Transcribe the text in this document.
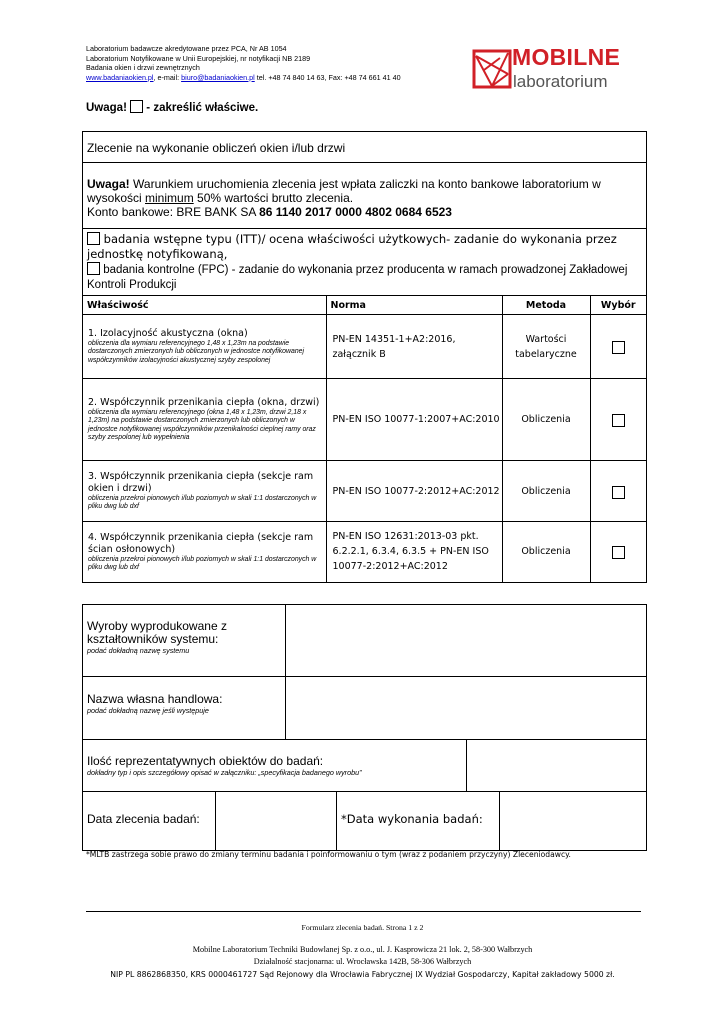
Laboratorium badawcze akredytowane przez PCA, Nr AB 1054
Laboratorium Notyfikowane w Unii Europejskiej, nr notyfikacji NB 2189
Badania okien i drzwi zewnętrznych
www.badaniaokien.pl, e-mail: biuro@badaniaokien.pl tel. +48 74 840 14 63, Fax: +48 74 661 41 40
MOBILNE
laboratorium
Uwaga!  - zakreślić właściwe.
Zlecenie na wykonanie obliczeń okien i/lub drzwi
Uwaga! Warunkiem uruchomienia zlecenia jest wpłata zaliczki na konto bankowe laboratorium w wysokości minimum 50% wartości brutto zlecenia.
Konto bankowe: BRE BANK SA 86 1140 2017 0000 4802 0684 6523
badania wstępne typu (ITT)/ ocena właściwości użytkowych- zadanie do wykonania przez jednostkę notyfikowaną,
badania kontrolne (FPC) - zadanie do wykonania przez producenta w ramach prowadzonej Zakładowej Kontroli Produkcji
Właściwość	Norma	Metoda	Wybór

1. Izolacyjność akustyczna (okna)
obliczenia dla wymiaru referencyjnego 1,48 x 1,23m na podstawie dostarczonych zmierzonych lub obliczonych w jednostce notyfikowanej współczynników izolacyjności akustycznej szyby zespolonej	PN-EN 14351-1+A2:2016, załącznik B	Wartości tabelaryczne	

2. Współczynnik przenikania ciepła (okna, drzwi)
obliczenia dla wymiaru referencyjnego (okna 1,48 x 1,23m, drzwi 2,18 x 1,23m) na podstawie dostarczonych zmierzonych lub obliczonych w jednostce notyfikowanej współczynników przenikalności cieplnej ramy oraz szyby zespolonej lub wypełnienia	PN-EN ISO 10077-1:2007+AC:2010	Obliczenia	

3. Współczynnik przenikania ciepła (sekcje ram okien i drzwi)
obliczenia przekroi pionowych i/lub poziomych w skali 1:1 dostarczonych w pliku dwg lub dxf	PN-EN ISO 10077-2:2012+AC:2012	Obliczenia	

4. Współczynnik przenikania ciepła (sekcje ram ścian osłonowych)
obliczenia przekroi pionowych i/lub poziomych w skali 1:1 dostarczonych w pliku dwg lub dxf	PN-EN ISO 12631:2013-03 pkt. 6.2.2.1, 6.3.4, 6.3.5 + PN-EN ISO 10077-2:2012+AC:2012	Obliczenia	
Wyroby wyprodukowane z kształtowników systemu:
podać dokładną nazwę systemu
Nazwa własna handlowa:
podać dokładną nazwę jeśli występuje
Ilość reprezentatywnych obiektów do badań:
dokładny typ i opis szczegółowy opisać w załączniku: „specyfikacja badanego wyrobu”
Data zlecenia badań:	*Data wykonania badań:
*MLTB zastrzega sobie prawo do zmiany terminu badania i poinformowaniu o tym (wraz z podaniem przyczyny) Zleceniodawcy.
Formularz zlecenia badań. Strona 1 z 2
Mobilne Laboratorium Techniki Budowlanej Sp. z o.o., ul. J. Kasprowicza 21 lok. 2, 58-300 Wałbrzych
Działalność stacjonarna: ul. Wrocławska 142B, 58-306 Wałbrzych
NIP PL 8862868350, KRS 0000461727 Sąd Rejonowy dla Wrocławia Fabrycznej IX Wydział Gospodarczy, Kapitał zakładowy 5000 zł.
